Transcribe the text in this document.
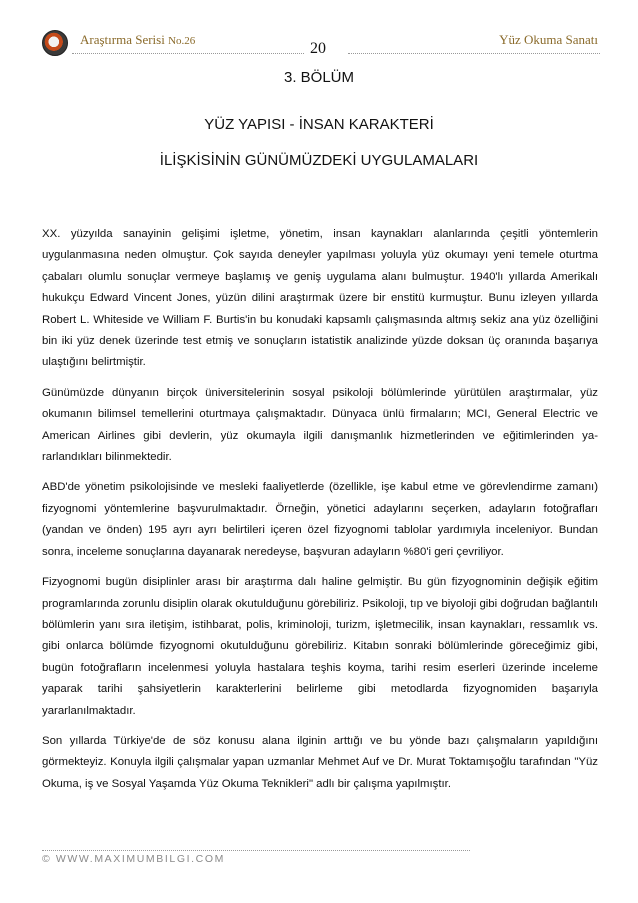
Araştırma Serisi No.26	20
Yüz Okuma Sanatı
3. BÖLÜM
YÜZ YAPISI - İNSAN KARAKTERİ
İLİŞKİSİNİN GÜNÜMÜZDEKİ UYGULAMALARI

XX. yüzyılda sanayinin gelişimi işletme, yönetim, insan kaynakları alanlarında çeşitli yöntemlerin uygulanmasına neden olmuştur. Çok sayıda deneyler yapılması yoluyla yüz okumayı yeni temele oturtma çabaları olumlu sonuçlar vermeye başlamış ve geniş uygulama alanı bulmuştur. 1940'lı yıllarda Amerikalı hukukçu Edward Vincent Jones, yüzün dilini araştırmak üzere bir enstitü kurmuştur. Bunu izleyen yıllarda Robert L. Whiteside ve William F. Burtis'in bu konudaki kapsamlı çalışmasında altmış sekiz ana yüz özelliğini bin iki yüz denek üzerinde test etmiş ve sonuçların istatistik analizinde yüzde doksan üç oranında başarıya ulaştığını belirtmiştir.

Günümüzde dünyanın birçok üniversitelerinin sosyal psikoloji bölümlerinde yürütülen araştırmalar, yüz okumanın bilimsel temellerini oturtmaya çalışmaktadır. Dünyaca ünlü firmaların; MCI, General Electric ve American Airlines gibi devlerin, yüz okumayla ilgili danışmanlık hizmetlerinden ve eğitimlerinden ya-rarlandıkları bilinmektedir.

ABD'de yönetim psikolojisinde ve mesleki faaliyetlerde (özellikle, işe kabul etme ve görevlendirme zamanı) fizyognomi yöntemlerine başvurulmaktadır. Örneğin, yönetici adaylarını seçerken, adayların fotoğrafları (yandan ve önden) 195 ayrı ayrı belirtileri içeren özel fizyognomi tablolar yardımıyla inceleniyor. Bundan sonra, inceleme sonuçlarına dayanarak neredeyse, başvuran adayların %80'i geri çevriliyor.

Fizyognomi bugün disiplinler arası bir araştırma dalı haline gelmiştir. Bu gün fizyognominin değişik eğitim programlarında zorunlu disiplin olarak okutulduğunu görebiliriz. Psikoloji, tıp ve biyoloji gibi doğrudan bağlantılı bölümlerin yanı sıra iletişim, istihbarat, polis, kriminoloji, turizm, işletmecilik, insan kaynakları, ressamlık vs. gibi onlarca bölümde fizyognomi okutulduğunu görebiliriz. Kitabın sonraki bölümlerinde göreceğimiz gibi, bugün fotoğrafların incelenmesi yoluyla hastalara teşhis koyma, tarihi resim eserleri üzerinde inceleme yaparak tarihi şahsiyetlerin karakterlerini belirleme gibi metodlarda fizyognomiden başarıyla yararlanılmaktadır.

Son yıllarda Türkiye'de de söz konusu alana ilginin arttığı ve bu yönde bazı çalışmaların yapıldığını görmekteyiz. Konuyla ilgili çalışmalar yapan uzmanlar Mehmet Auf ve Dr. Murat Toktamışoğlu tarafından "Yüz Okuma, iş ve Sosyal Yaşamda Yüz Okuma Teknikleri" adlı bir çalışma yapılmıştır.

© WWW.MAXIMUMBILGI.COM
